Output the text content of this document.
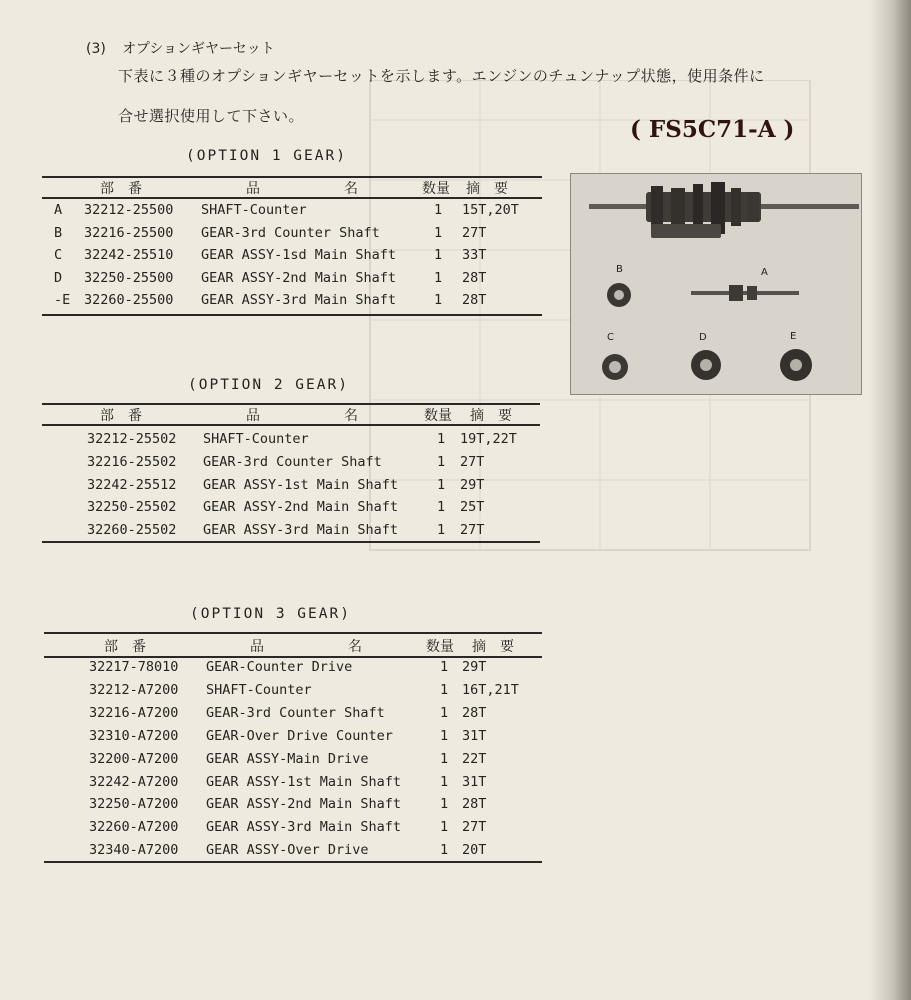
(3) オプションギヤーセット
下表に３種のオプションギヤーセットを示します。エンジンのチュンナップ状態，使用条件に
合せ選択使用して下さい。	( FS5C71-A )
(OPTION 1 GEAR)
部　番	品　　　　　　名	数量 摘　要
A 32212-25500 SHAFT-Counter	1 15T,20T
B 32216-25500 GEAR-3rd Counter Shaft	1 27T
C 32242-25510 GEAR ASSY-1sd Main Shaft	1 33T
D 32250-25500 GEAR ASSY-2nd Main Shaft	1 28T
-E 32260-25500 GEAR ASSY-3rd Main Shaft	1 28T
(OPTION 2 GEAR)
部　番	品　　　　　　名	数量 摘　要
32212-25502 SHAFT-Counter	1 19T,22T
32216-25502 GEAR-3rd Counter Shaft	1 27T
32242-25512 GEAR ASSY-1st Main Shaft	1 29T
32250-25502 GEAR ASSY-2nd Main Shaft	1 25T
32260-25502 GEAR ASSY-3rd Main Shaft	1 27T
(OPTION 3 GEAR)
部　番	品　　　　　　名	数量 摘　要
32217-78010 GEAR-Counter Drive	1 29T
32212-A7200 SHAFT-Counter	1 16T,21T
32216-A7200 GEAR-3rd Counter Shaft	1 28T
32310-A7200 GEAR-Over Drive Counter	1 31T
32200-A7200 GEAR ASSY-Main Drive	1 22T
32242-A7200 GEAR ASSY-1st Main Shaft	1 31T
32250-A7200 GEAR ASSY-2nd Main Shaft	1 28T
32260-A7200 GEAR ASSY-3rd Main Shaft	1 27T
32340-A7200 GEAR ASSY-Over Drive	1 20T
A
B
C	D	E
